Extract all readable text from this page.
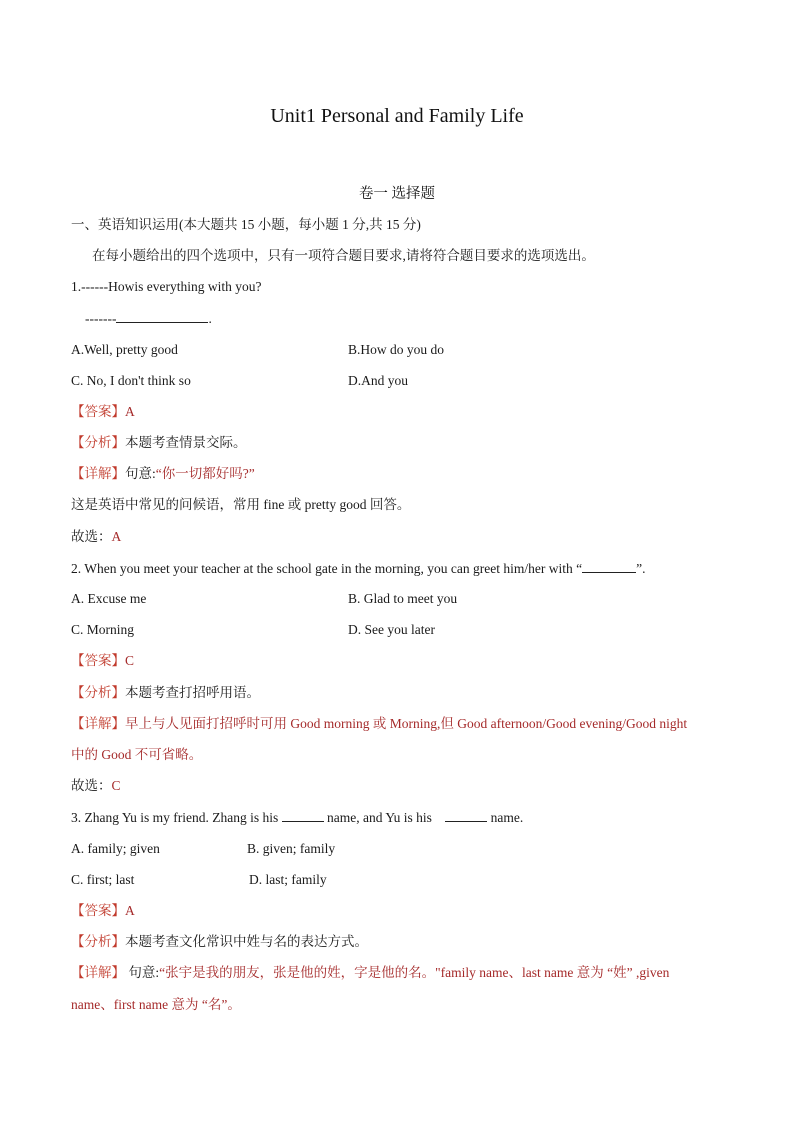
Unit1 Personal and Family Life
卷一 选择题
一、英语知识运用(本大题共 15 小题，每小题 1 分,共 15 分)
在每小题给出的四个选项中，只有一项符合题目要求,请将符合题目要求的选项选出。
1.------Howis everything with you?
-------	.
A.Well, pretty good	B.How do you do
C. No, I don't think so	D.And you
【答案】A
【分析】本题考查情景交际。
【详解】句意:“你一切都好吗?”
这是英语中常见的问候语，常用 fine 或 pretty good 回答。
故选：A
2. When you meet your teacher at the school gate in the morning, you can greet him/her with “	”.
A. Excuse me	B. Glad to meet you
C. Morning	D. See you later
【答案】C
【分析】本题考查打招呼用语。
【详解】早上与人见面打招呼时可用 Good morning 或 Morning,但 Good afternoon/Good evening/Good night
中的 Good 不可省略。
故选：C
3. Zhang Yu is my friend. Zhang is his	name, and Yu is his	name.
A. family; given	B. given; family
C. first; last	D. last; family
【答案】A
【分析】本题考查文化常识中姓与名的表达方式。
【详解】 句意:“张宇是我的朋友，张是他的姓，字是他的名。"family name、last name 意为 “姓” ,given
name、first name 意为 “名”。
